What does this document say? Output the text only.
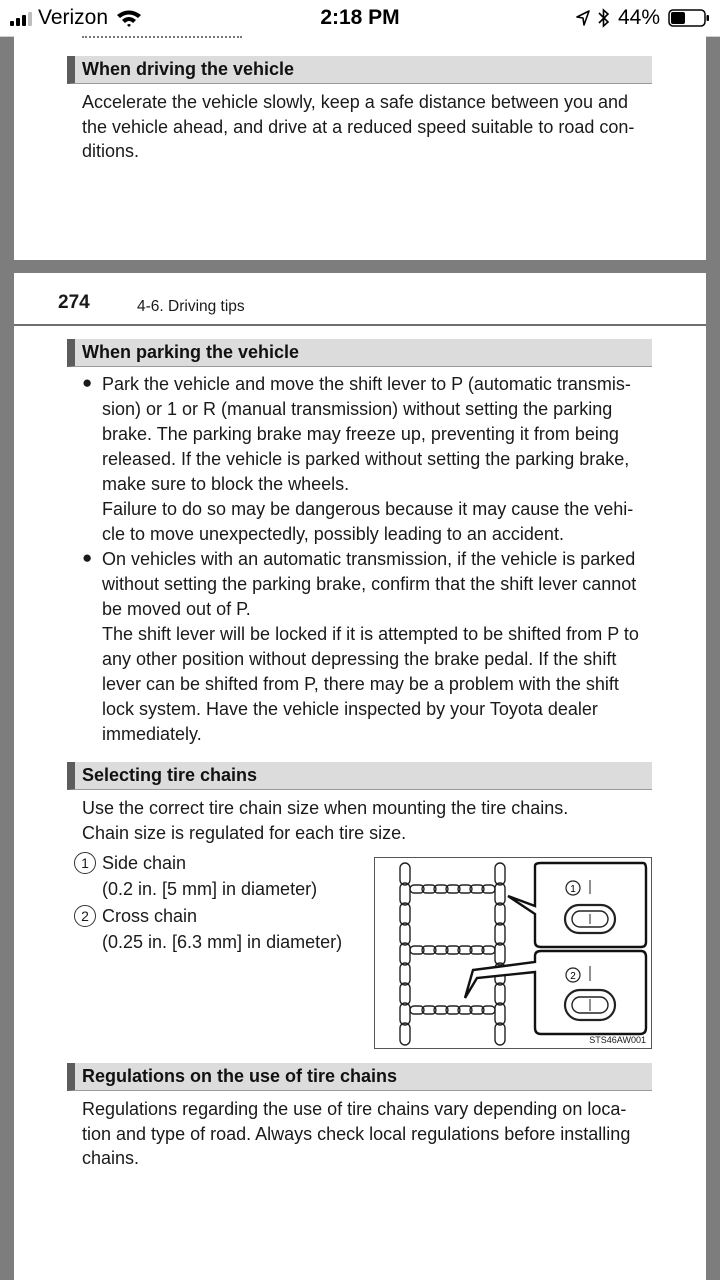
Verizon	2:18 PM	44%
When driving the vehicle
Accelerate the vehicle slowly, keep a safe distance between you and
the vehicle ahead, and drive at a reduced speed suitable to road con-
ditions.
274	4-6. Driving tips
When parking the vehicle
● Park the vehicle and move the shift lever to P (automatic transmis-
sion) or 1 or R (manual transmission) without setting the parking
brake. The parking brake may freeze up, preventing it from being
released. If the vehicle is parked without setting the parking brake,
make sure to block the wheels.
Failure to do so may be dangerous because it may cause the vehi-
cle to move unexpectedly, possibly leading to an accident.
● On vehicles with an automatic transmission, if the vehicle is parked
without setting the parking brake, confirm that the shift lever cannot
be moved out of P.
The shift lever will be locked if it is attempted to be shifted from P to
any other position without depressing the brake pedal. If the shift
lever can be shifted from P, there may be a problem with the shift
lock system. Have the vehicle inspected by your Toyota dealer
immediately.
Selecting tire chains
Use the correct tire chain size when mounting the tire chains.
Chain size is regulated for each tire size.
1 Side chain
(0.2 in. [5 mm] in diameter)
2 Cross chain
(0.25 in. [6.3 mm] in diameter)
1
2
STS46AW001
Regulations on the use of tire chains
Regulations regarding the use of tire chains vary depending on loca-
tion and type of road. Always check local regulations before installing
chains.
